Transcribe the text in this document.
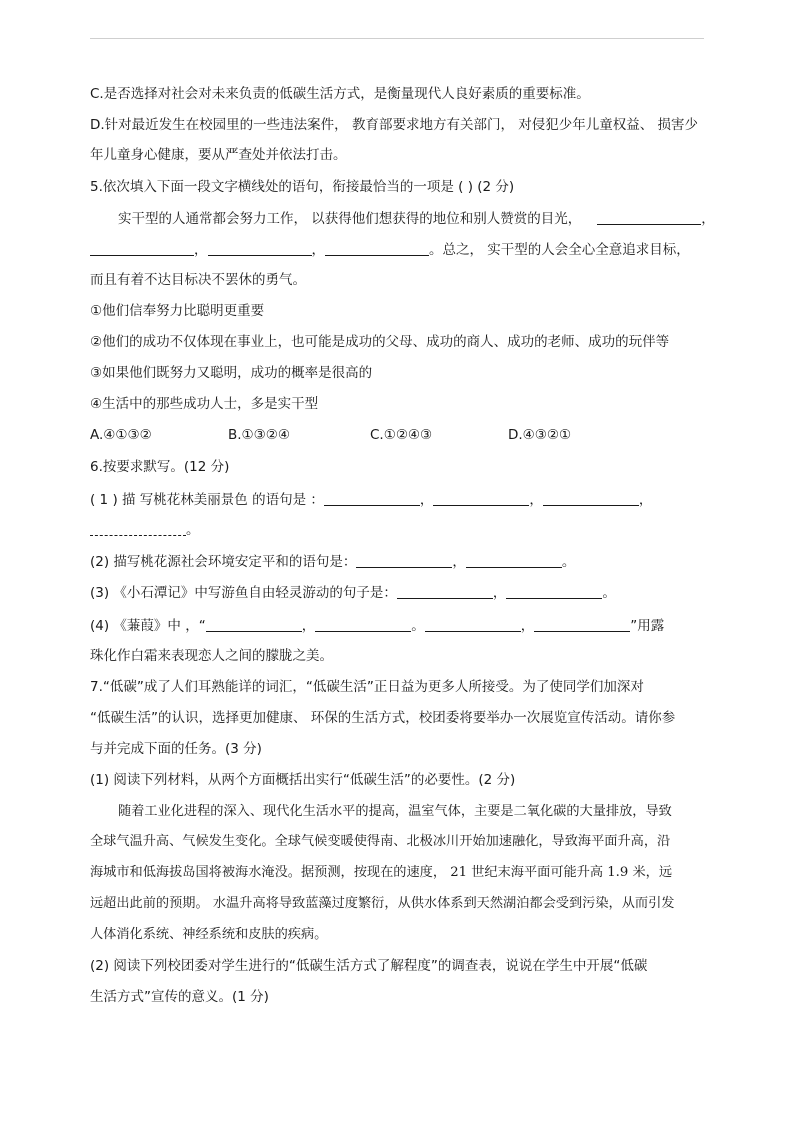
C.是否选择对社会对未来负责的低碳生活方式，是衡量现代人良好素质的重要标准。
D.针对最近发生在校园里的一些违法案件， 教育部要求地方有关部门， 对侵犯少年儿童权益、 损害少
年儿童身心健康，要从严查处并依法打击。
5.依次填入下面一段文字横线处的语句，衔接最恰当的一项是 ( ) (2 分)
实干型的人通常都会努力工作， 以获得他们想获得的地位和别人赞赏的目光，	，
，	，	。总之， 实干型的人会全心全意追求目标，
而且有着不达目标决不罢休的勇气。
①他们信奉努力比聪明更重要
②他们的成功不仅体现在事业上，也可能是成功的父母、成功的商人、成功的老师、成功的玩伴等
③如果他们既努力又聪明，成功的概率是很高的
④生活中的那些成功人士，多是实干型
A.④①③②	B.①③②④	C.①②④③	D.④③②①
6.按要求默写。(12 分)
( 1 ) 描 写桃花林美丽景色 的语句是 ：	，	，	，
。
(2) 描写桃花源社会环境安定平和的语句是：	，	。
(3) 《小石潭记》中写游鱼自由轻灵游动的句子是：	，	。
(4) 《蒹葭》中 ，“	，	。	，	”用露
珠化作白霜来表现恋人之间的朦胧之美。
7.“低碳”成了人们耳熟能详的词汇，“低碳生活”正日益为更多人所接受。为了使同学们加深对
“低碳生活”的认识，选择更加健康、 环保的生活方式，校团委将要举办一次展览宣传活动。请你参
与并完成下面的任务。(3 分)
(1) 阅读下列材料，从两个方面概括出实行“低碳生活”的必要性。(2 分)
随着工业化进程的深入、现代化生活水平的提高，温室气体，主要是二氧化碳的大量排放，导致
全球气温升高、气候发生变化。全球气候变暖使得南、北极冰川开始加速融化，导致海平面升高，沿
海城市和低海拔岛国将被海水淹没。据预测，按现在的速度， 21 世纪末海平面可能升高 1.9 米，远
远超出此前的预期。 水温升高将导致蓝藻过度繁衍，从供水体系到天然湖泊都会受到污染，从而引发
人体消化系统、神经系统和皮肤的疾病。
(2) 阅读下列校团委对学生进行的“低碳生活方式了解程度”的调查表，说说在学生中开展“低碳
生活方式”宣传的意义。(1 分)
